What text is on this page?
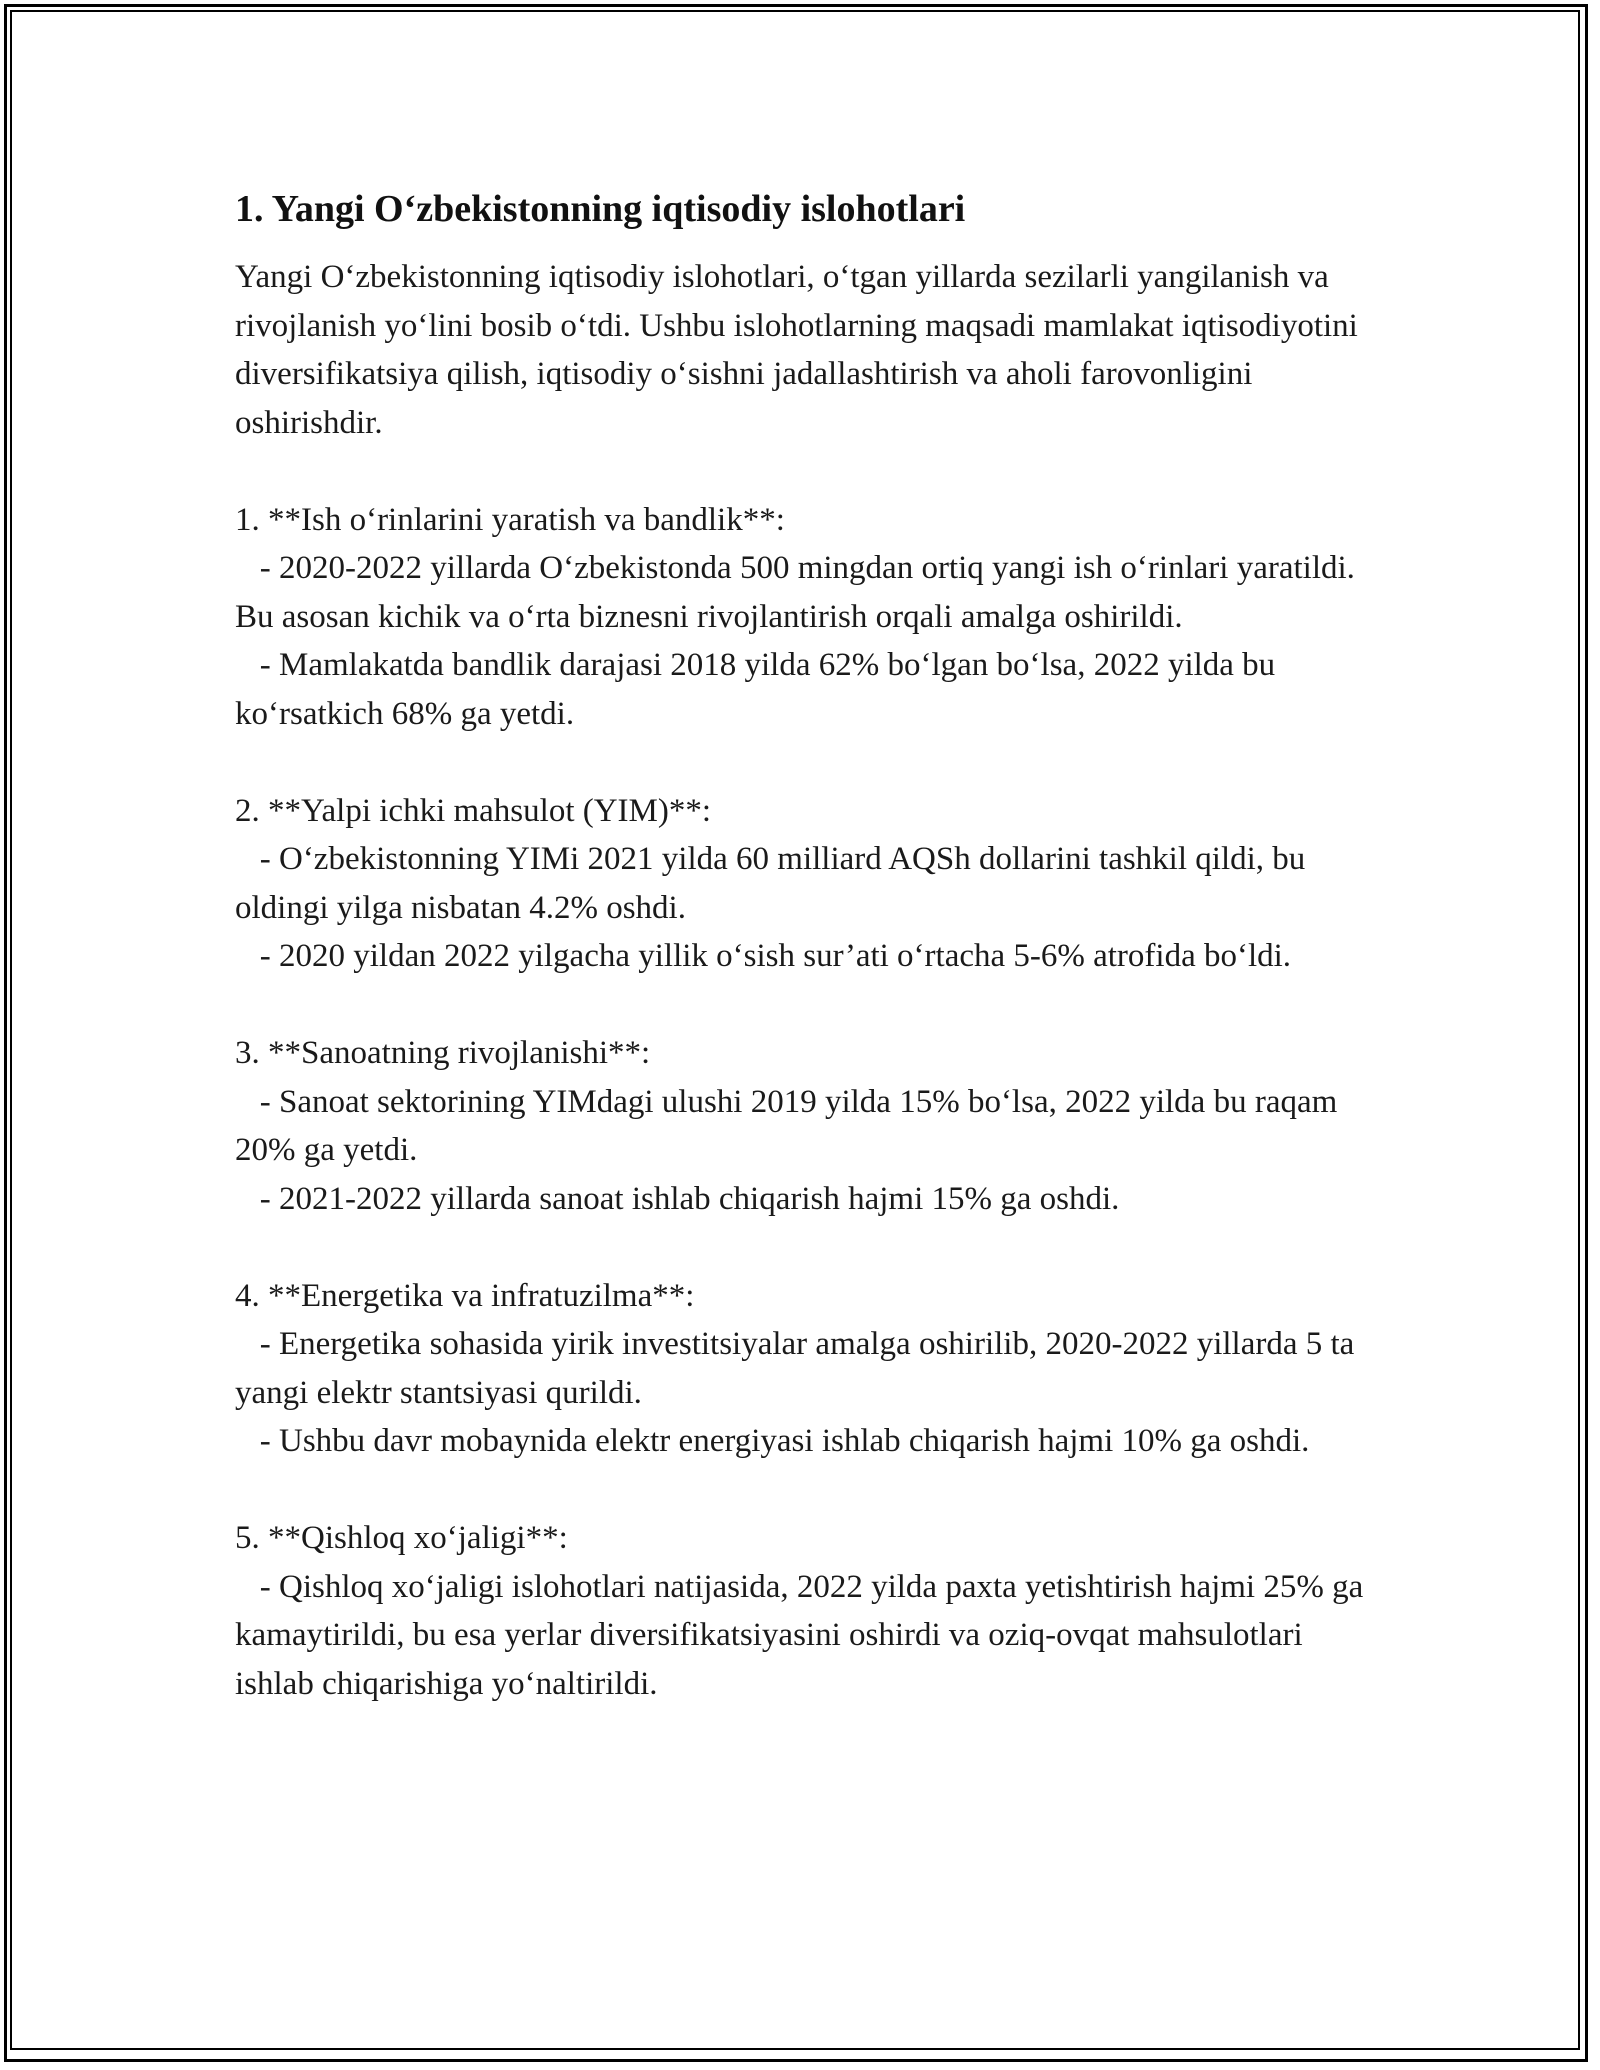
1. Yangi O‘zbekistonning iqtisodiy islohotlari

Yangi O‘zbekistonning iqtisodiy islohotlari, o‘tgan yillarda sezilarli yangilanish va rivojlanish yo‘lini bosib o‘tdi. Ushbu islohotlarning maqsadi mamlakat iqtisodiyotini diversifikatsiya qilish, iqtisodiy o‘sishni jadallashtirish va aholi farovonligini oshirishdir.

1. **Ish o‘rinlarini yaratish va bandlik**:

- 2020-2022 yillarda O‘zbekistonda 500 mingdan ortiq yangi ish o‘rinlari yaratildi. Bu asosan kichik va o‘rta biznesni rivojlantirish orqali amalga oshirildi.

- Mamlakatda bandlik darajasi 2018 yilda 62% bo‘lgan bo‘lsa, 2022 yilda bu ko‘rsatkich 68% ga yetdi.

2. **Yalpi ichki mahsulot (YIM)**:

- O‘zbekistonning YIMi 2021 yilda 60 milliard AQSh dollarini tashkil qildi, bu oldingi yilga nisbatan 4.2% oshdi.

- 2020 yildan 2022 yilgacha yillik o‘sish sur’ati o‘rtacha 5-6% atrofida bo‘ldi.

3. **Sanoatning rivojlanishi**:

- Sanoat sektorining YIMdagi ulushi 2019 yilda 15% bo‘lsa, 2022 yilda bu raqam 20% ga yetdi.

- 2021-2022 yillarda sanoat ishlab chiqarish hajmi 15% ga oshdi.

4. **Energetika va infratuzilma**:

- Energetika sohasida yirik investitsiyalar amalga oshirilib, 2020-2022 yillarda 5 ta yangi elektr stantsiyasi qurildi.

- Ushbu davr mobaynida elektr energiyasi ishlab chiqarish hajmi 10% ga oshdi.

5. **Qishloq xo‘jaligi**:

- Qishloq xo‘jaligi islohotlari natijasida, 2022 yilda paxta yetishtirish hajmi 25% ga kamaytirildi, bu esa yerlar diversifikatsiyasini oshirdi va oziq-ovqat mahsulotlari ishlab chiqarishiga yo‘naltirildi.
